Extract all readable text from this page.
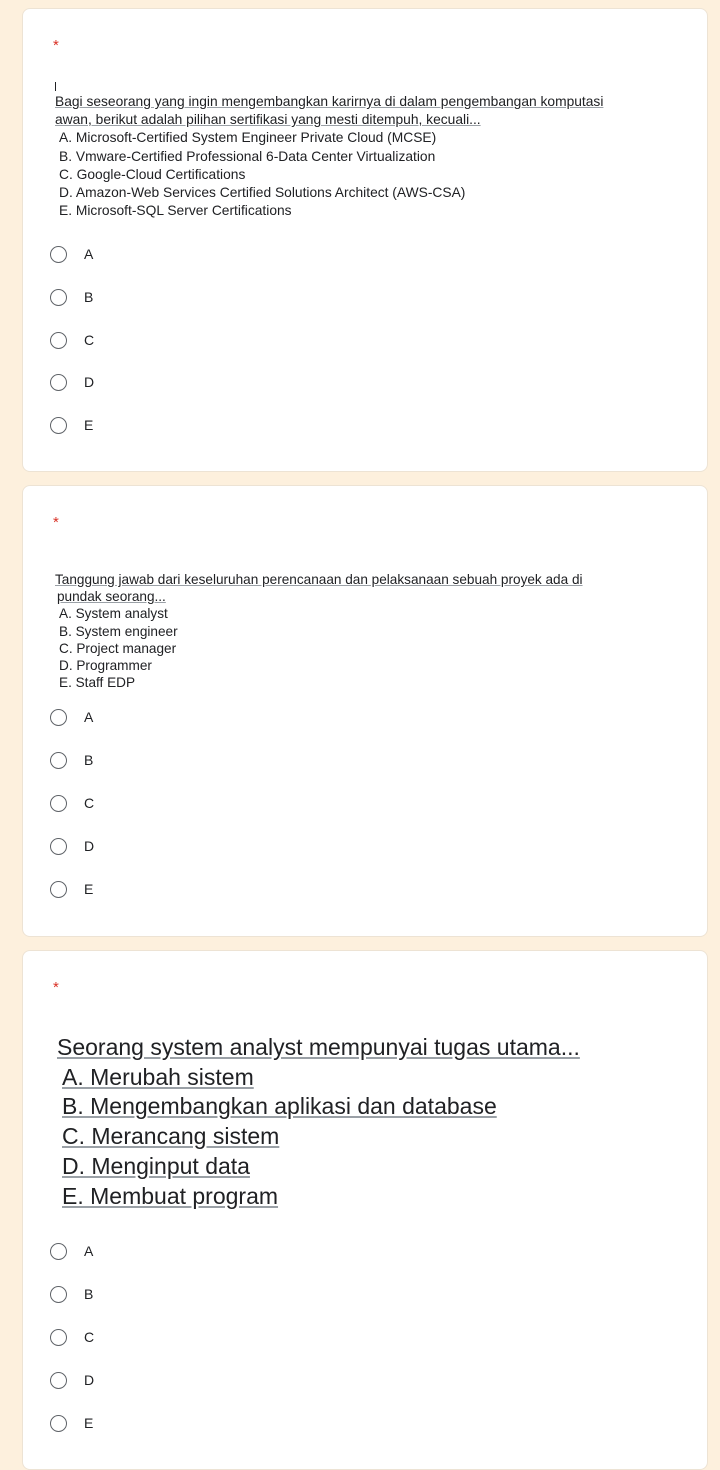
*
Bagi seseorang yang ingin mengembangkan karirnya di dalam pengembangan komputasi
awan, berikut adalah pilihan sertifikasi yang mesti ditempuh, kecuali...
A. Microsoft-Certified System Engineer Private Cloud (MCSE)
B. Vmware-Certified Professional 6-Data Center Virtualization
C. Google-Cloud Certifications
D. Amazon-Web Services Certified Solutions Architect (AWS-CSA)
E. Microsoft-SQL Server Certifications
A
B
C
D
E
*
Tanggung jawab dari keseluruhan perencanaan dan pelaksanaan sebuah proyek ada di
pundak seorang...
A. System analyst
B. System engineer
C. Project manager
D. Programmer
E. Staff EDP
A
B
C
D
E
*
Seorang system analyst mempunyai tugas utama...
A. Merubah sistem
B. Mengembangkan aplikasi dan database
C. Merancang sistem
D. Menginput data
E. Membuat program
A
B
C
D
E
